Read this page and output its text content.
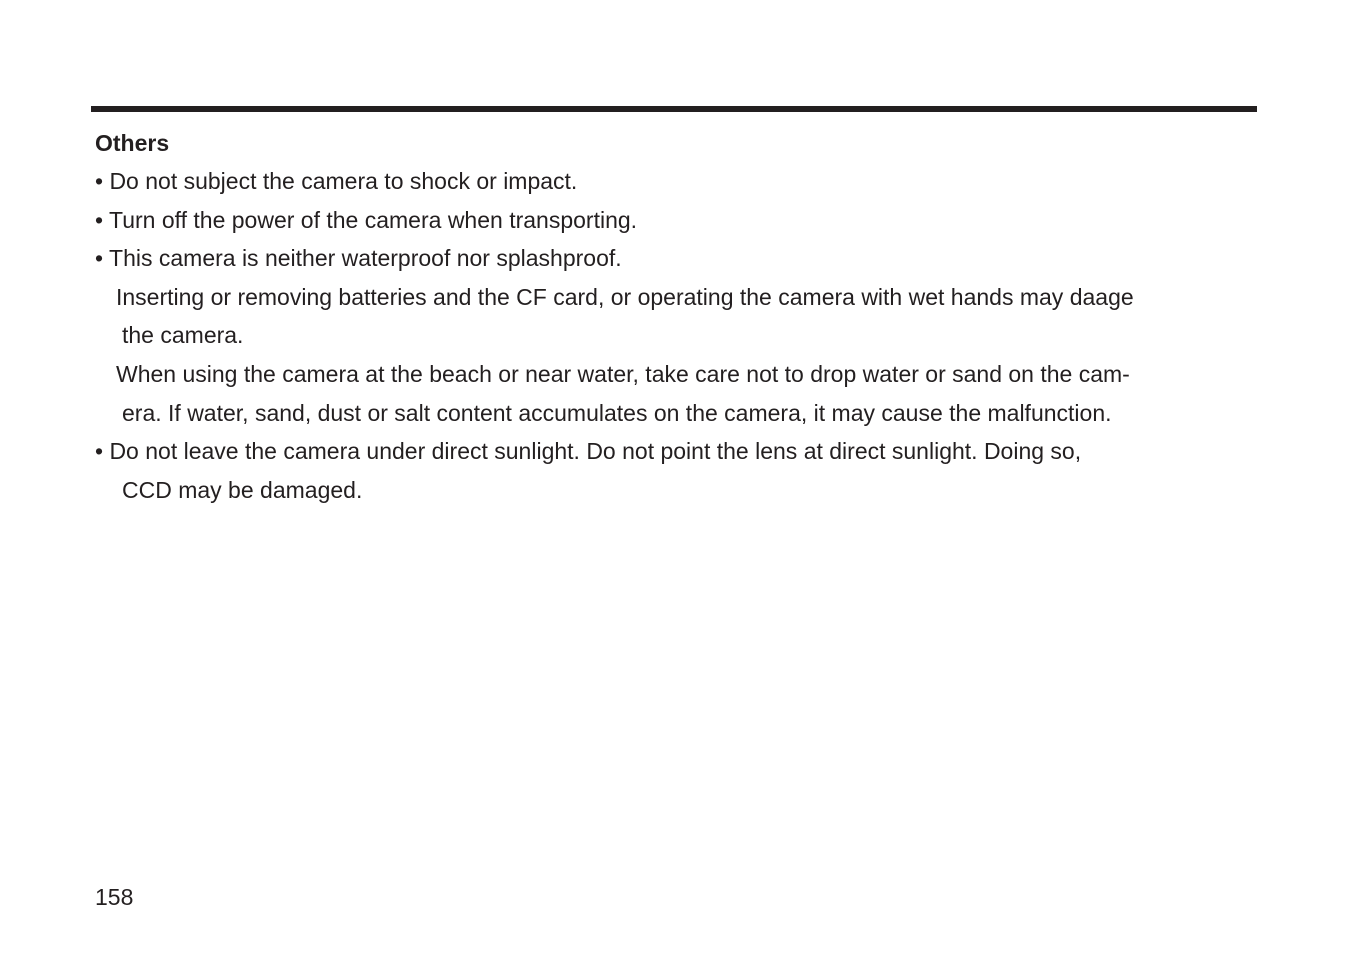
Others
• Do not subject the camera to shock or impact.
• Turn off the power of the camera when transporting.
• This camera is neither waterproof nor splashproof.
Inserting or removing batteries and the CF card, or operating the camera with wet hands may daage
the camera.
When using the camera at the beach or near water, take care not to drop water or sand on the cam-
era. If water, sand, dust or salt content accumulates on the camera, it may cause the malfunction.
• Do not leave the camera under direct sunlight. Do not point the lens at direct sunlight. Doing so,
CCD may be damaged.
158
